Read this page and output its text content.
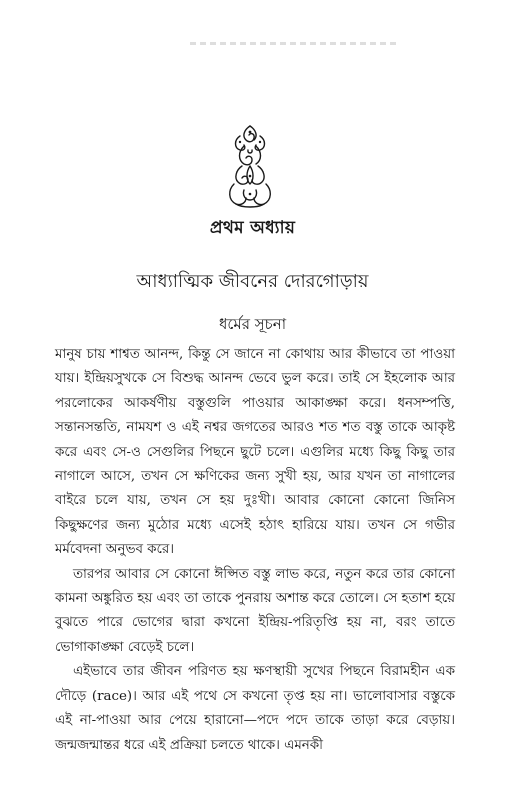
প্রথম অধ্যায়
আধ্যাত্মিক জীবনের দোরগোড়ায়
ধর্মের সূচনা

মানুষ চায় শাশ্বত আনন্দ, কিন্তু সে জানে না কোথায় আর কীভাবে তা পাওয়া যায়। ইন্দ্রিয়সুখকে সে বিশুদ্ধ আনন্দ ভেবে ভুল করে। তাই সে ইহলোক আর পরলোকের আকর্ষণীয় বস্তুগুলি পাওয়ার আকাঙ্ক্ষা করে। ধনসম্পত্তি, সন্তানসন্ততি, নামযশ ও এই নশ্বর জগতের আরও শত শত বস্তু তাকে আকৃষ্ট করে এবং সে-ও সেগুলির পিছনে ছুটে চলে। এগুলির মধ্যে কিছু কিছু তার নাগালে আসে, তখন সে ক্ষণিকের জন্য সুখী হয়, আর যখন তা নাগালের বাইরে চলে যায়, তখন সে হয় দুঃখী। আবার কোনো কোনো জিনিস কিছুক্ষণের জন্য মুঠোর মধ্যে এসেই হঠাৎ হারিয়ে যায়। তখন সে গভীর মর্মবেদনা অনুভব করে।

তারপর আবার সে কোনো ঈপ্সিত বস্তু লাভ করে, নতুন করে তার কোনো কামনা অঙ্কুরিত হয় এবং তা তাকে পুনরায় অশান্ত করে তোলে। সে হতাশ হয়ে বুঝতে পারে ভোগের দ্বারা কখনো ইন্দ্রিয়-পরিতৃপ্তি হয় না, বরং তাতে ভোগাকাঙ্ক্ষা বেড়েই চলে।

এইভাবে তার জীবন পরিণত হয় ক্ষণস্থায়ী সুখের পিছনে বিরামহীন এক দৌড়ে (race)। আর এই পথে সে কখনো তৃপ্ত হয় না। ভালোবাসার বস্তুকে এই না-পাওয়া আর পেয়ে হারানো—পদে পদে তাকে তাড়া করে বেড়ায়। জন্মজন্মান্তর ধরে এই প্রক্রিয়া চলতে থাকে। এমনকী
